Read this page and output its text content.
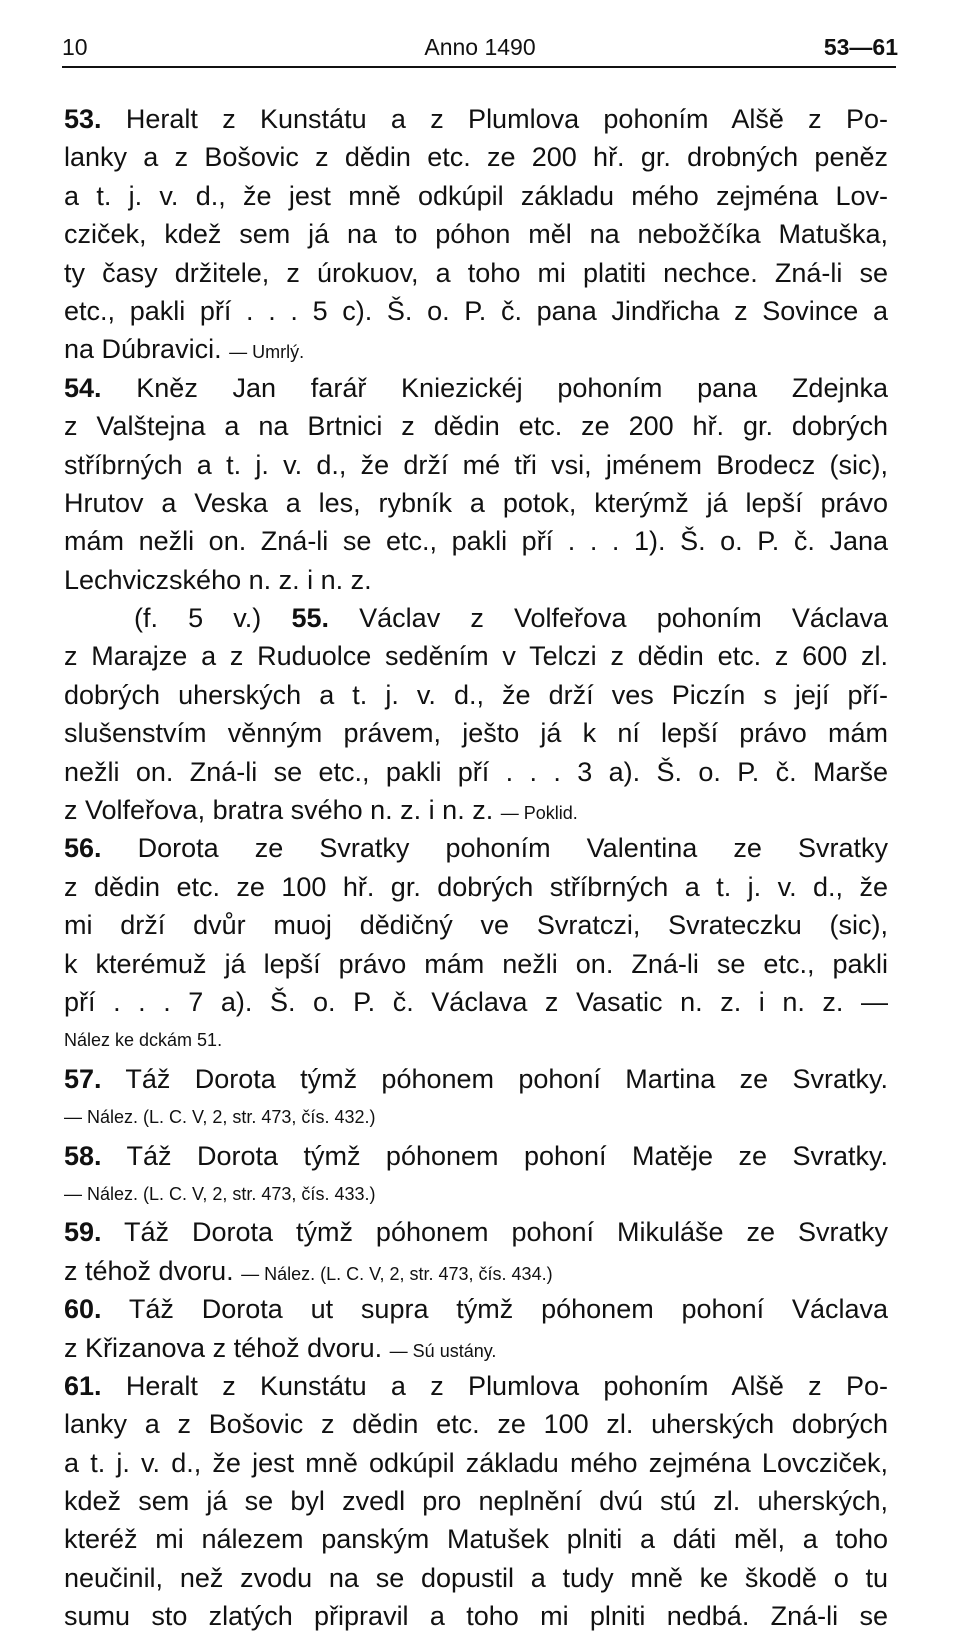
10	Anno 1490	53—61
53. Heralt z Kunstátu a z Plumlova pohoním Alšě z Po-
lanky a z Bošovic z dědin etc. ze 200 hř. gr. drobných peněz
a t. j. v. d., že jest mně odkúpil základu mého zejména Lov-
cziček, kdež sem já na to póhon měl na nebožčíka Matuška,
ty časy držitele, z úrokuov, a toho mi platiti nechce. Zná-li se
etc., pakli pří . . . 5 c). Š. o. P. č. pana Jindřicha z Sovince a
na Dúbravici. — Umrlý.
54. Kněz Jan farář Kniezickéj pohoním pana Zdejnka
z Valštejna a na Brtnici z dědin etc. ze 200 hř. gr. dobrých
stříbrných a t. j. v. d., že drží mé tři vsi, jménem Brodecz (sic),
Hrutov a Veska a les, rybník a potok, kterýmž já lepší právo
mám nežli on. Zná-li se etc., pakli pří . . . 1). Š. o. P. č. Jana
Lechviczského n. z. i n. z.
(f. 5 v.) 55. Václav z Volfeřova pohoním Václava
z Marajze a z Ruduolce seděním v Telczi z dědin etc. z 600 zl.
dobrých uherských a t. j. v. d., že drží ves Piczín s její pří-
slušenstvím věnným právem, ješto já k ní lepší právo mám
nežli on. Zná-li se etc., pakli pří . . . 3 a). Š. o. P. č. Marše
z Volfeřova, bratra svého n. z. i n. z. — Poklid.
56. Dorota ze Svratky pohoním Valentina ze Svratky
z dědin etc. ze 100 hř. gr. dobrých stříbrných a t. j. v. d., že
mi drží dvůr muoj dědičný ve Svratczi, Svrateczku (sic),
k kterémuž já lepší právo mám nežli on. Zná-li se etc., pakli
pří . . . 7 a). Š. o. P. č. Václava z Vasatic n. z. i n. z. —
Nález ke dckám 51.
57. Táž Dorota týmž póhonem pohoní Martina ze Svratky.
— Nález. (L. C. V, 2, str. 473, čís. 432.)
58. Táž Dorota týmž póhonem pohoní Matěje ze Svratky.
— Nález. (L. C. V, 2, str. 473, čís. 433.)
59. Táž Dorota týmž póhonem pohoní Mikuláše ze Svratky
z téhož dvoru. — Nález. (L. C. V, 2, str. 473, čís. 434.)
60. Táž Dorota ut supra týmž póhonem pohoní Václava
z Křizanova z téhož dvoru. — Sú ustány.
61. Heralt z Kunstátu a z Plumlova pohoním Alšě z Po-
lanky a z Bošovic z dědin etc. ze 100 zl. uherských dobrých
a t. j. v. d., že jest mně odkúpil základu mého zejména Lovcziček,
kdež sem já se byl zvedl pro neplnění dvú stú zl. uherských,
kteréž mi nálezem panským Matušek plniti a dáti měl, a toho
neučinil, než zvodu na se dopustil a tudy mně ke škodě o tu
sumu sto zlatých připravil a toho mi plniti nedbá. Zná-li se
